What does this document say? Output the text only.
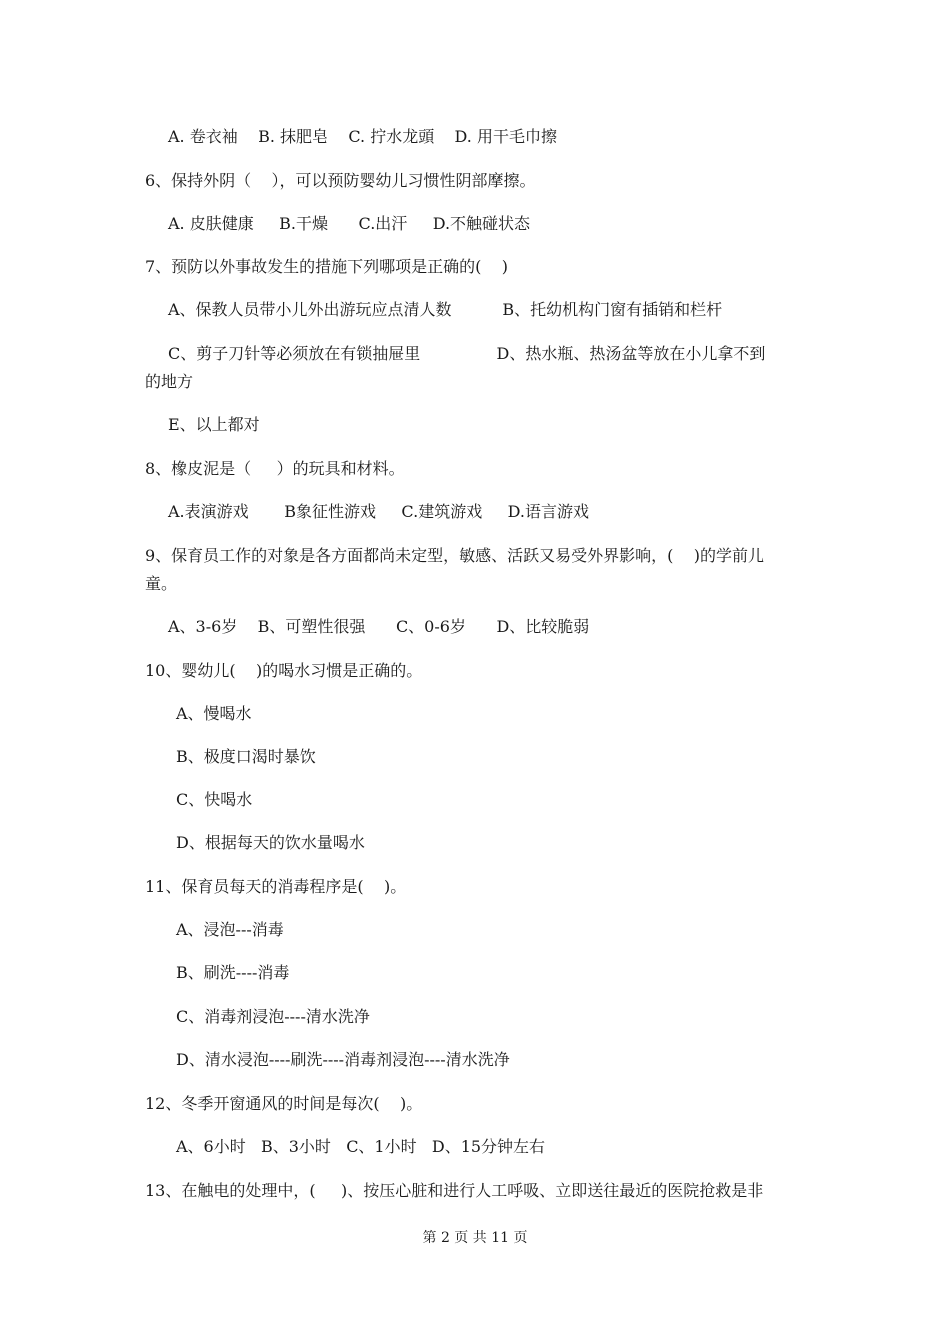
A. 卷衣袖    B. 抹肥皂    C. 拧水龙頭    D. 用干毛巾擦
6、保持外阴（    ），可以预防婴幼儿习惯性阴部摩擦。
A. 皮肤健康     B.干燥      C.出汗     D.不触碰状态
7、预防以外事故发生的措施下列哪项是正确的(    )
A、保教人员带小儿外出游玩应点清人数          B、托幼机构门窗有插销和栏杆
C、剪子刀针等必须放在有锁抽屉里               D、热水瓶、热汤盆等放在小儿拿不到
的地方
E、以上都对
8、橡皮泥是（     ）的玩具和材料。
A.表演游戏       B象征性游戏     C.建筑游戏     D.语言游戏
9、保育员工作的对象是各方面都尚未定型，敏感、活跃又易受外界影响，(    )的学前儿
童。
A、3-6岁    B、可塑性很强      C、0-6岁      D、比较脆弱
10、婴幼儿(    )的喝水习惯是正确的。
A、慢喝水
B、极度口渴时暴饮
C、快喝水
D、根据每天的饮水量喝水
11、保育员每天的消毒程序是(    )。
A、浸泡---消毒
B、刷洗----消毒
C、消毒剂浸泡----清水洗净
D、清水浸泡----刷洗----消毒剂浸泡----清水洗净
12、冬季开窗通风的时间是每次(    )。
A、6小时   B、3小时   C、1小时   D、15分钟左右
13、在触电的处理中，(     )、按压心脏和进行人工呼吸、立即送往最近的医院抢救是非
第 2 页 共 11 页
